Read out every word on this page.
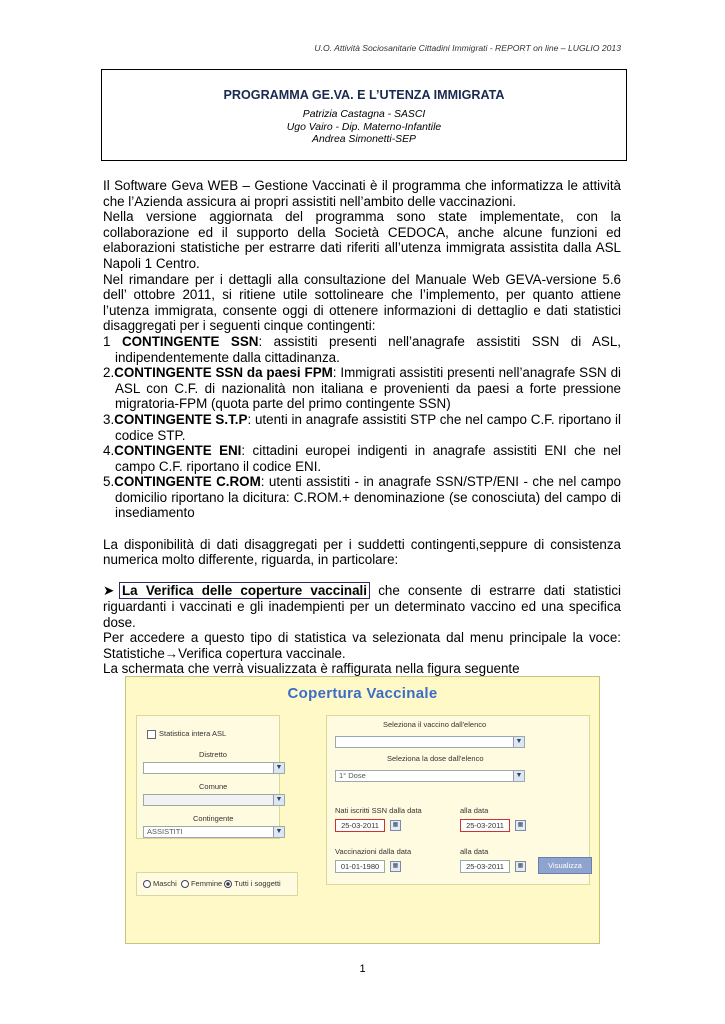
U.O. Attività Sociosanitarie Cittadini Immigrati - REPORT on line – LUGLIO 2013
PROGRAMMA GE.VA. E L’UTENZA IMMIGRATA
Patrizia Castagna - SASCI
Ugo Vairo - Dip. Materno-Infantile
Andrea Simonetti-SEP

Il Software Geva WEB – Gestione Vaccinati è il programma che informatizza le attività che l’Azienda assicura ai propri assistiti nell’ambito delle vaccinazioni.

Nella versione aggiornata del programma sono state implementate, con la collaborazione ed il supporto della Società CEDOCA, anche alcune funzioni ed elaborazioni statistiche per estrarre dati riferiti all’utenza immigrata assistita dalla ASL Napoli 1 Centro.

Nel rimandare per i dettagli alla consultazione del Manuale Web GEVA-versione 5.6 dell’ ottobre 2011, si ritiene utile sottolineare che l’implemento, per quanto attiene l’utenza immigrata, consente oggi di ottenere informazioni di dettaglio e dati statistici disaggregati per i seguenti cinque contingenti:

1 CONTINGENTE SSN: assistiti presenti nell’anagrafe assistiti SSN di ASL, indipendentemente dalla cittadinanza.

2.CONTINGENTE SSN da paesi FPM: Immigrati assistiti presenti nell’anagrafe SSN di ASL con C.F. di nazionalità non italiana e provenienti da paesi a forte pressione migratoria-FPM (quota parte del primo contingente SSN)

3.CONTINGENTE S.T.P: utenti in anagrafe assistiti STP che nel campo C.F. riportano il codice STP.

4.CONTINGENTE ENI: cittadini europei indigenti in anagrafe assistiti ENI che nel campo C.F. riportano il codice ENI.

5.CONTINGENTE C.ROM: utenti assistiti - in anagrafe SSN/STP/ENI - che nel campo domicilio riportano la dicitura: C.ROM.+ denominazione (se conosciuta) del campo di insediamento

La disponibilità di dati disaggregati per i suddetti contingenti,seppure di consistenza numerica molto differente, riguarda, in particolare:

➤ La Verifica delle coperture vaccinali che consente di estrarre dati statistici riguardanti i vaccinati e gli inadempienti per un determinato vaccino ed una specifica dose.

Per accedere a questo tipo di statistica va selezionata dal menu principale la voce: Statistiche→Verifica copertura vaccinale.

La schermata che verrà visualizzata è raffigurata nella figura seguente

Copertura Vaccinale
Statistica intera ASL
Distretto
▼
Comune
▼
Contingente
ASSISTITI	▼
Seleziona il vaccino dall'elenco
▼
Seleziona la dose dall'elenco
1° Dose	▼
Nati iscritti SSN dalla data
25-03-2011	▦
alla data
25-03-2011	▦
Vaccinazioni dalla data
01-01-1980	▦
alla data
25-03-2011	▦	Visualizza
Maschi Femmine Tutti i soggetti
1
